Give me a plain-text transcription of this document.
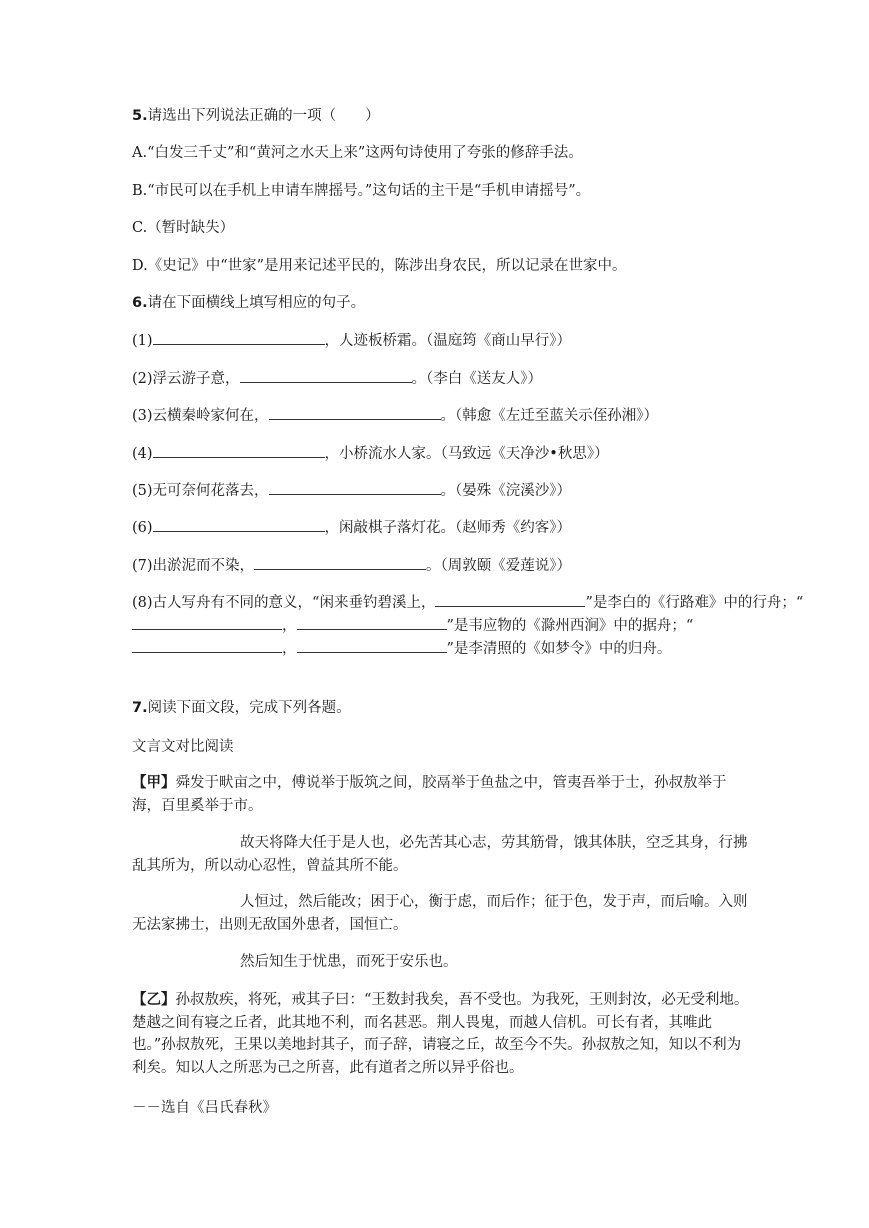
5.请选出下列说法正确的一项（　　）
A.“白发三千丈”和“黄河之水天上来”这两句诗使用了夸张的修辞手法。
B.“市民可以在手机上申请车牌摇号。”这句话的主干是“手机申请摇号”。
C.（暂时缺失）
D.《史记》中“世家”是用来记述平民的，陈涉出身农民，所以记录在世家中。
6.请在下面横线上填写相应的句子。
(1)	，人迹板桥霜。（温庭筠《商山早行》）
(2)浮云游子意，	。（李白《送友人》）
(3)云横秦岭家何在，	。（韩愈《左迁至蓝关示侄孙湘》）
(4)	，小桥流水人家。（马致远《天净沙•秋思》）
(5)无可奈何花落去，	。（晏殊《浣溪沙》）
(6)	，闲敲棋子落灯花。（赵师秀《约客》）
(7)出淤泥而不染，	。（周敦颐《爱莲说》）
(8)古人写舟有不同的意义，“闲来垂钓碧溪上，	”是李白的《行路难》中的行舟；“
，	”是韦应物的《滁州西涧》中的据舟；“
，	”是李清照的《如梦令》中的归舟。
7.阅读下面文段，完成下列各题。
文言文对比阅读
【甲】舜发于畎亩之中，傅说举于版筑之间，胶鬲举于鱼盐之中，管夷吾举于士，孙叔敖举于海，百里奚举于市。
故天将降大任于是人也，必先苦其心志，劳其筋骨，饿其体肤，空乏其身，行拂乱其所为，所以动心忍性，曾益其所不能。
人恒过，然后能改；困于心，衡于虑，而后作；征于色，发于声，而后喻。入则无法家拂士，出则无敌国外患者，国恒亡。
然后知生于忧患，而死于安乐也。
【乙】孙叔敖疾，将死，戒其子曰：“王数封我矣，吾不受也。为我死，王则封汝，必无受利地。楚越之间有寝之丘者，此其地不利，而名甚恶。荆人畏鬼，而越人信机。可长有者，其唯此也。”孙叔敖死，王果以美地封其子，而子辞，请寝之丘，故至今不失。孙叔敖之知，知以不利为利矣。知以人之所恶为己之所喜，此有道者之所以异乎俗也。
－－选自《吕氏春秋》
